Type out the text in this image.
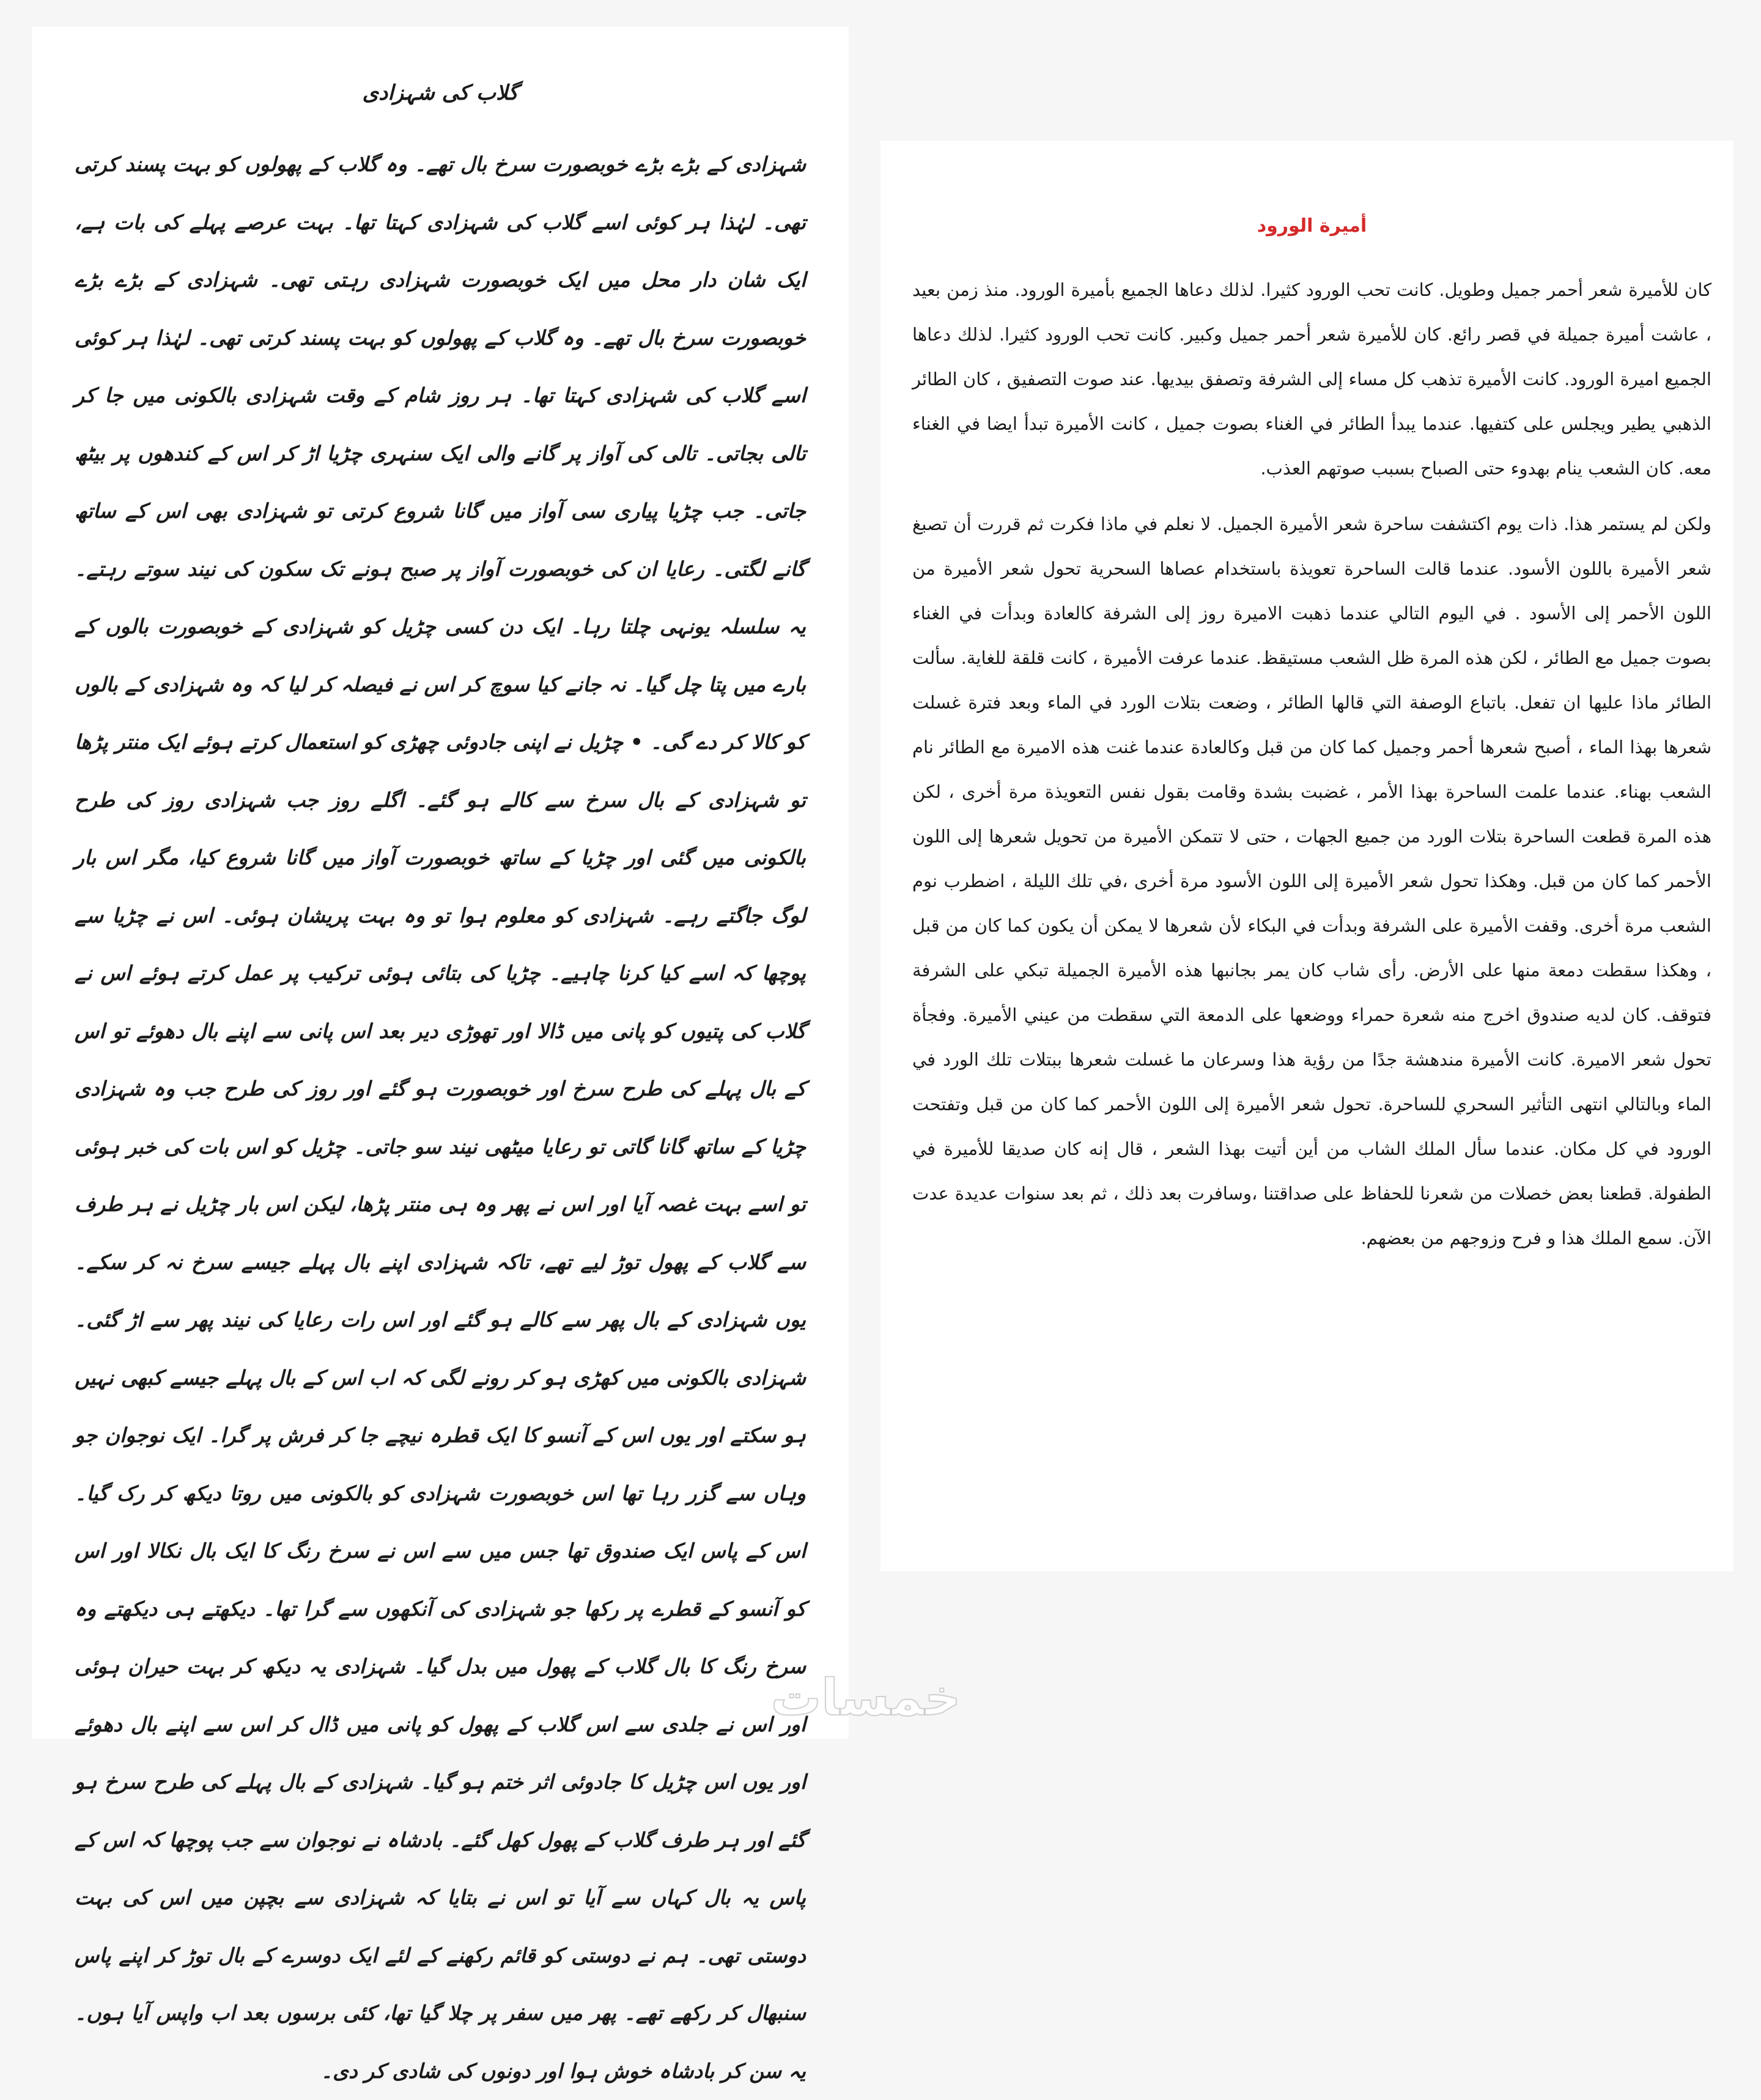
گلاب کی شہزادی

شہزادی کے بڑے بڑے خوبصورت سرخ بال تھے۔ وہ گلاب کے پھولوں کو بہت پسند کرتی تھی۔ لہٰذا ہر کوئی اسے گلاب کی شہزادی کہتا تھا۔ بہت عرصے پہلے کی بات ہے، ایک شان دار محل میں ایک خوبصورت شہزادی رہتی تھی۔ شہزادی کے بڑے بڑے خوبصورت سرخ بال تھے۔ وہ گلاب کے پھولوں کو بہت پسند کرتی تھی۔ لہٰذا ہر کوئی اسے گلاب کی شہزادی کہتا تھا۔ ہر روز شام کے وقت شہزادی بالکونی میں جا کر تالی بجاتی۔ تالی کی آواز پر گانے والی ایک سنہری چڑیا اڑ کر اس کے کندھوں پر بیٹھ جاتی۔ جب چڑیا پیاری سی آواز میں گانا شروع کرتی تو شہزادی بھی اس کے ساتھ گانے لگتی۔ رعایا ان کی خوبصورت آواز پر صبح ہونے تک سکون کی نیند سوتے رہتے۔ یہ سلسلہ یونہی چلتا رہا۔ ایک دن کسی چڑیل کو شہزادی کے خوبصورت بالوں کے بارے میں پتا چل گیا۔ نہ جانے کیا سوچ کر اس نے فیصلہ کر لیا کہ وہ شہزادی کے بالوں کو کالا کر دے گی۔ • چڑیل نے اپنی جادوئی چھڑی کو استعمال کرتے ہوئے ایک منتر پڑھا تو شہزادی کے بال سرخ سے کالے ہو گئے۔ اگلے روز جب شہزادی روز کی طرح بالکونی میں گئی اور چڑیا کے ساتھ خوبصورت آواز میں گانا شروع کیا، مگر اس بار لوگ جاگتے رہے۔ شہزادی کو معلوم ہوا تو وہ بہت پریشان ہوئی۔ اس نے چڑیا سے پوچھا کہ اسے کیا کرنا چاہیے۔ چڑیا کی بتائی ہوئی ترکیب پر عمل کرتے ہوئے اس نے گلاب کی پتیوں کو پانی میں ڈالا اور تھوڑی دیر بعد اس پانی سے اپنے بال دھوئے تو اس کے بال پہلے کی طرح سرخ اور خوبصورت ہو گئے اور روز کی طرح جب وہ شہزادی چڑیا کے ساتھ گانا گاتی تو رعایا میٹھی نیند سو جاتی۔ چڑیل کو اس بات کی خبر ہوئی تو اسے بہت غصہ آیا اور اس نے پھر وہ ہی منتر پڑھا، لیکن اس بار چڑیل نے ہر طرف سے گلاب کے پھول توڑ لیے تھے، تاکہ شہزادی اپنے بال پہلے جیسے سرخ نہ کر سکے۔ یوں شہزادی کے بال پھر سے کالے ہو گئے اور اس رات رعایا کی نیند پھر سے اڑ گئی۔ شہزادی بالکونی میں کھڑی ہو کر رونے لگی کہ اب اس کے بال پہلے جیسے کبھی نہیں ہو سکتے اور یوں اس کے آنسو کا ایک قطرہ نیچے جا کر فرش پر گرا۔ ایک نوجوان جو وہاں سے گزر رہا تھا اس خوبصورت شہزادی کو بالکونی میں روتا دیکھ کر رک گیا۔ اس کے پاس ایک صندوق تھا جس میں سے اس نے سرخ رنگ کا ایک بال نکالا اور اس کو آنسو کے قطرے پر رکھا جو شہزادی کی آنکھوں سے گرا تھا۔ دیکھتے ہی دیکھتے وہ سرخ رنگ کا بال گلاب کے پھول میں بدل گیا۔ شہزادی یہ دیکھ کر بہت حیران ہوئی اور اس نے جلدی سے اس گلاب کے پھول کو پانی میں ڈال کر اس سے اپنے بال دھوئے اور یوں اس چڑیل کا جادوئی اثر ختم ہو گیا۔ شہزادی کے بال پہلے کی طرح سرخ ہو گئے اور ہر طرف گلاب کے پھول کھل گئے۔ بادشاہ نے نوجوان سے جب پوچھا کہ اس کے پاس یہ بال کہاں سے آیا تو اس نے بتایا کہ شہزادی سے بچپن میں اس کی بہت دوستی تھی۔ ہم نے دوستی کو قائم رکھنے کے لئے ایک دوسرے کے بال توڑ کر اپنے پاس سنبھال کر رکھے تھے۔ پھر میں سفر پر چلا گیا تھا، کئی برسوں بعد اب واپس آیا ہوں۔ یہ سن کر بادشاہ خوش ہوا اور دونوں کی شادی کر دی۔

أميرة الورود

كان للأميرة شعر أحمر جميل وطويل. كانت تحب الورود كثيرا. لذلك دعاها الجميع بأميرة الورود. منذ زمن بعيد ، عاشت أميرة جميلة في قصر رائع. كان للأميرة شعر أحمر جميل وكبير. كانت تحب الورود كثيرا. لذلك دعاها الجميع اميرة الورود. كانت الأميرة تذهب كل مساء إلى الشرفة وتصفق بيديها. عند صوت التصفيق ، كان الطائر الذهبي يطير ويجلس على كتفيها. عندما يبدأ الطائر في الغناء بصوت جميل ، كانت الأميرة تبدأ ايضا في الغناء معه. كان الشعب ينام بهدوء حتى الصباح بسبب صوتهم العذب.

ولكن لم يستمر هذا. ذات يوم اكتشفت ساحرة شعر الأميرة الجميل. لا نعلم في ماذا فكرت ثم قررت أن تصبغ شعر الأميرة باللون الأسود. عندما قالت الساحرة تعويذة باستخدام عصاها السحرية تحول شعر الأميرة من اللون الأحمر إلى الأسود . في اليوم التالي عندما ذهبت الاميرة روز إلى الشرفة كالعادة وبدأت في الغناء بصوت جميل مع الطائر ، لكن هذه المرة ظل الشعب مستيقظ. عندما عرفت الأميرة ، كانت قلقة للغاية. سألت الطائر ماذا عليها ان تفعل. باتباع الوصفة التي قالها الطائر ، وضعت بتلات الورد في الماء وبعد فترة غسلت شعرها بهذا الماء ، أصبح شعرها أحمر وجميل كما كان من قبل وكالعادة عندما غنت هذه الاميرة مع الطائر نام الشعب بهناء. عندما علمت الساحرة بهذا الأمر ، غضبت بشدة وقامت بقول نفس التعويذة مرة أخرى ، لكن هذه المرة قطعت الساحرة بتلات الورد من جميع الجهات ، حتى لا تتمكن الأميرة من تحويل شعرها إلى اللون الأحمر كما كان من قبل. وهكذا تحول شعر الأميرة إلى اللون الأسود مرة أخرى ،في تلك الليلة ، اضطرب نوم الشعب مرة أخرى. وقفت الأميرة على الشرفة وبدأت في البكاء لأن شعرها لا يمكن أن يكون كما كان من قبل ، وهكذا سقطت دمعة منها على الأرض. رأى شاب كان يمر بجانبها هذه الأميرة الجميلة تبكي على الشرفة فتوقف. كان لديه صندوق اخرج منه شعرة حمراء ووضعها على الدمعة التي سقطت من عيني الأميرة. وفجأة تحول شعر الاميرة. كانت الأميرة مندهشة جدًا من رؤية هذا وسرعان ما غسلت شعرها ببتلات تلك الورد في الماء وبالتالي انتهى التأثير السحري للساحرة. تحول شعر الأميرة إلى اللون الأحمر كما كان من قبل وتفتحت الورود في كل مكان. عندما سأل الملك الشاب من أين أتيت بهذا الشعر ، قال إنه كان صديقا للأميرة في الطفولة. قطعنا بعض خصلات من شعرنا للحفاظ على صداقتنا ،وسافرت بعد ذلك ، ثم بعد سنوات عديدة عدت الآن. سمع الملك هذا و فرح وزوجهم من بعضهم.

خمسات
